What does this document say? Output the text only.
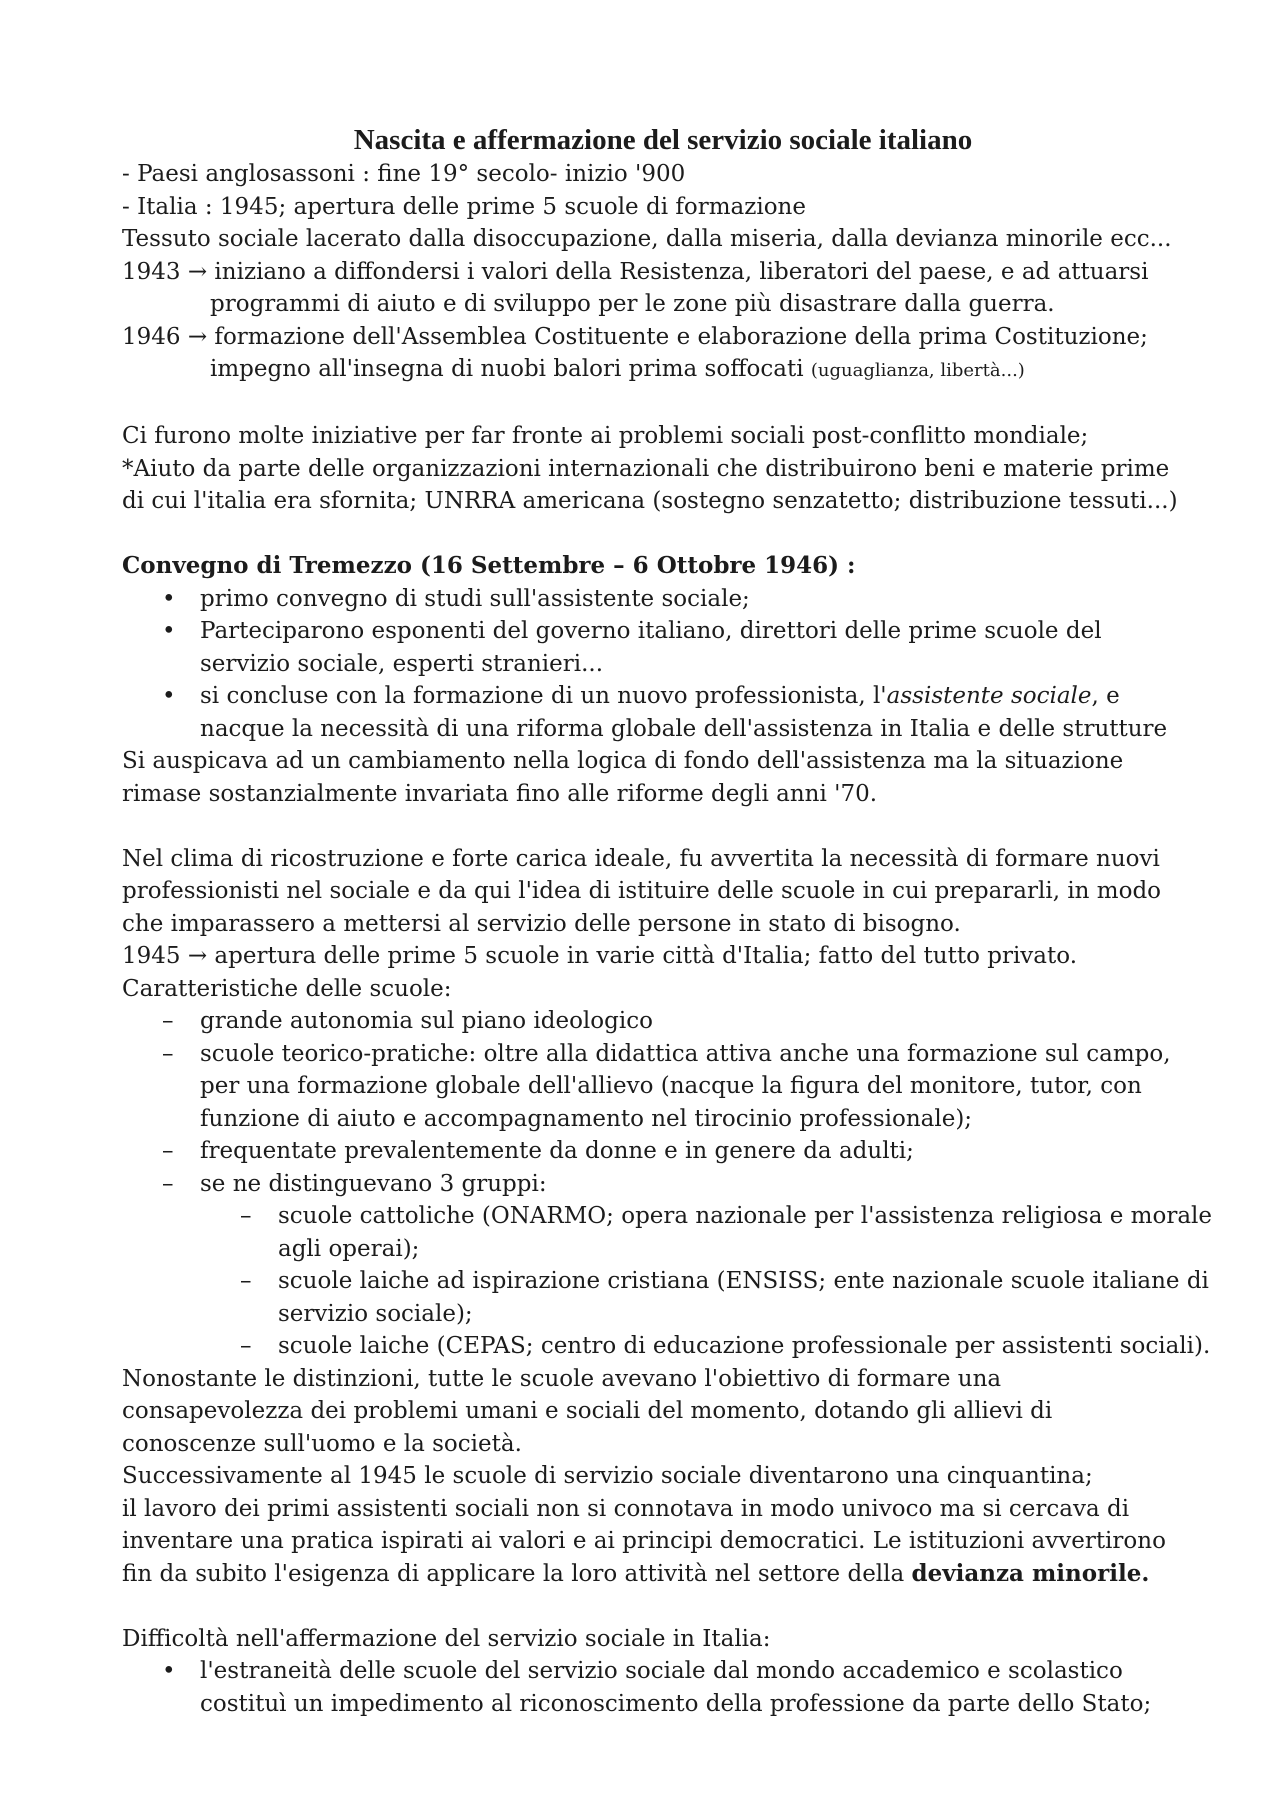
Nascita e affermazione del servizio sociale italiano
- Paesi anglosassoni : fine 19° secolo- inizio '900
- Italia : 1945; apertura delle prime 5 scuole di formazione
Tessuto sociale lacerato dalla disoccupazione, dalla miseria, dalla devianza minorile ecc...
1943 → iniziano a diffondersi i valori della Resistenza, liberatori del paese, e ad attuarsi
programmi di aiuto e di sviluppo per le zone più disastrare dalla guerra.
1946 → formazione dell'Assemblea Costituente e elaborazione della prima Costituzione;
impegno all'insegna di nuobi balori prima soffocati (uguaglianza, libertà...)
Ci furono molte iniziative per far fronte ai problemi sociali post-conflitto mondiale;
*Aiuto da parte delle organizzazioni internazionali che distribuirono beni e materie prime
di cui l'italia era sfornita; UNRRA americana (sostegno senzatetto; distribuzione tessuti...)
Convegno di Tremezzo (16 Settembre – 6 Ottobre 1946) :
• primo convegno di studi sull'assistente sociale;
• Parteciparono esponenti del governo italiano, direttori delle prime scuole del
servizio sociale, esperti stranieri...
• si concluse con la formazione di un nuovo professionista, l'assistente sociale, e
nacque la necessità di una riforma globale dell'assistenza in Italia e delle strutture
Si auspicava ad un cambiamento nella logica di fondo dell'assistenza ma la situazione
rimase sostanzialmente invariata fino alle riforme degli anni '70.
Nel clima di ricostruzione e forte carica ideale, fu avvertita la necessità di formare nuovi
professionisti nel sociale e da qui l'idea di istituire delle scuole in cui prepararli, in modo
che imparassero a mettersi al servizio delle persone in stato di bisogno.
1945 → apertura delle prime 5 scuole in varie città d'Italia; fatto del tutto privato.
Caratteristiche delle scuole:
– grande autonomia sul piano ideologico
– scuole teorico-pratiche: oltre alla didattica attiva anche una formazione sul campo,
per una formazione globale dell'allievo (nacque la figura del monitore, tutor, con
funzione di aiuto e accompagnamento nel tirocinio professionale);
– frequentate prevalentemente da donne e in genere da adulti;
– se ne distinguevano 3 gruppi:
– scuole cattoliche (ONARMO; opera nazionale per l'assistenza religiosa e morale
agli operai);
– scuole laiche ad ispirazione cristiana (ENSISS; ente nazionale scuole italiane di
servizio sociale);
– scuole laiche (CEPAS; centro di educazione professionale per assistenti sociali).
Nonostante le distinzioni, tutte le scuole avevano l'obiettivo di formare una
consapevolezza dei problemi umani e sociali del momento, dotando gli allievi di
conoscenze sull'uomo e la società.
Successivamente al 1945 le scuole di servizio sociale diventarono una cinquantina;
il lavoro dei primi assistenti sociali non si connotava in modo univoco ma si cercava di
inventare una pratica ispirati ai valori e ai principi democratici. Le istituzioni avvertirono
fin da subito l'esigenza di applicare la loro attività nel settore della devianza minorile.
Difficoltà nell'affermazione del servizio sociale in Italia:
• l'estraneità delle scuole del servizio sociale dal mondo accademico e scolastico
costituì un impedimento al riconoscimento della professione da parte dello Stato;
